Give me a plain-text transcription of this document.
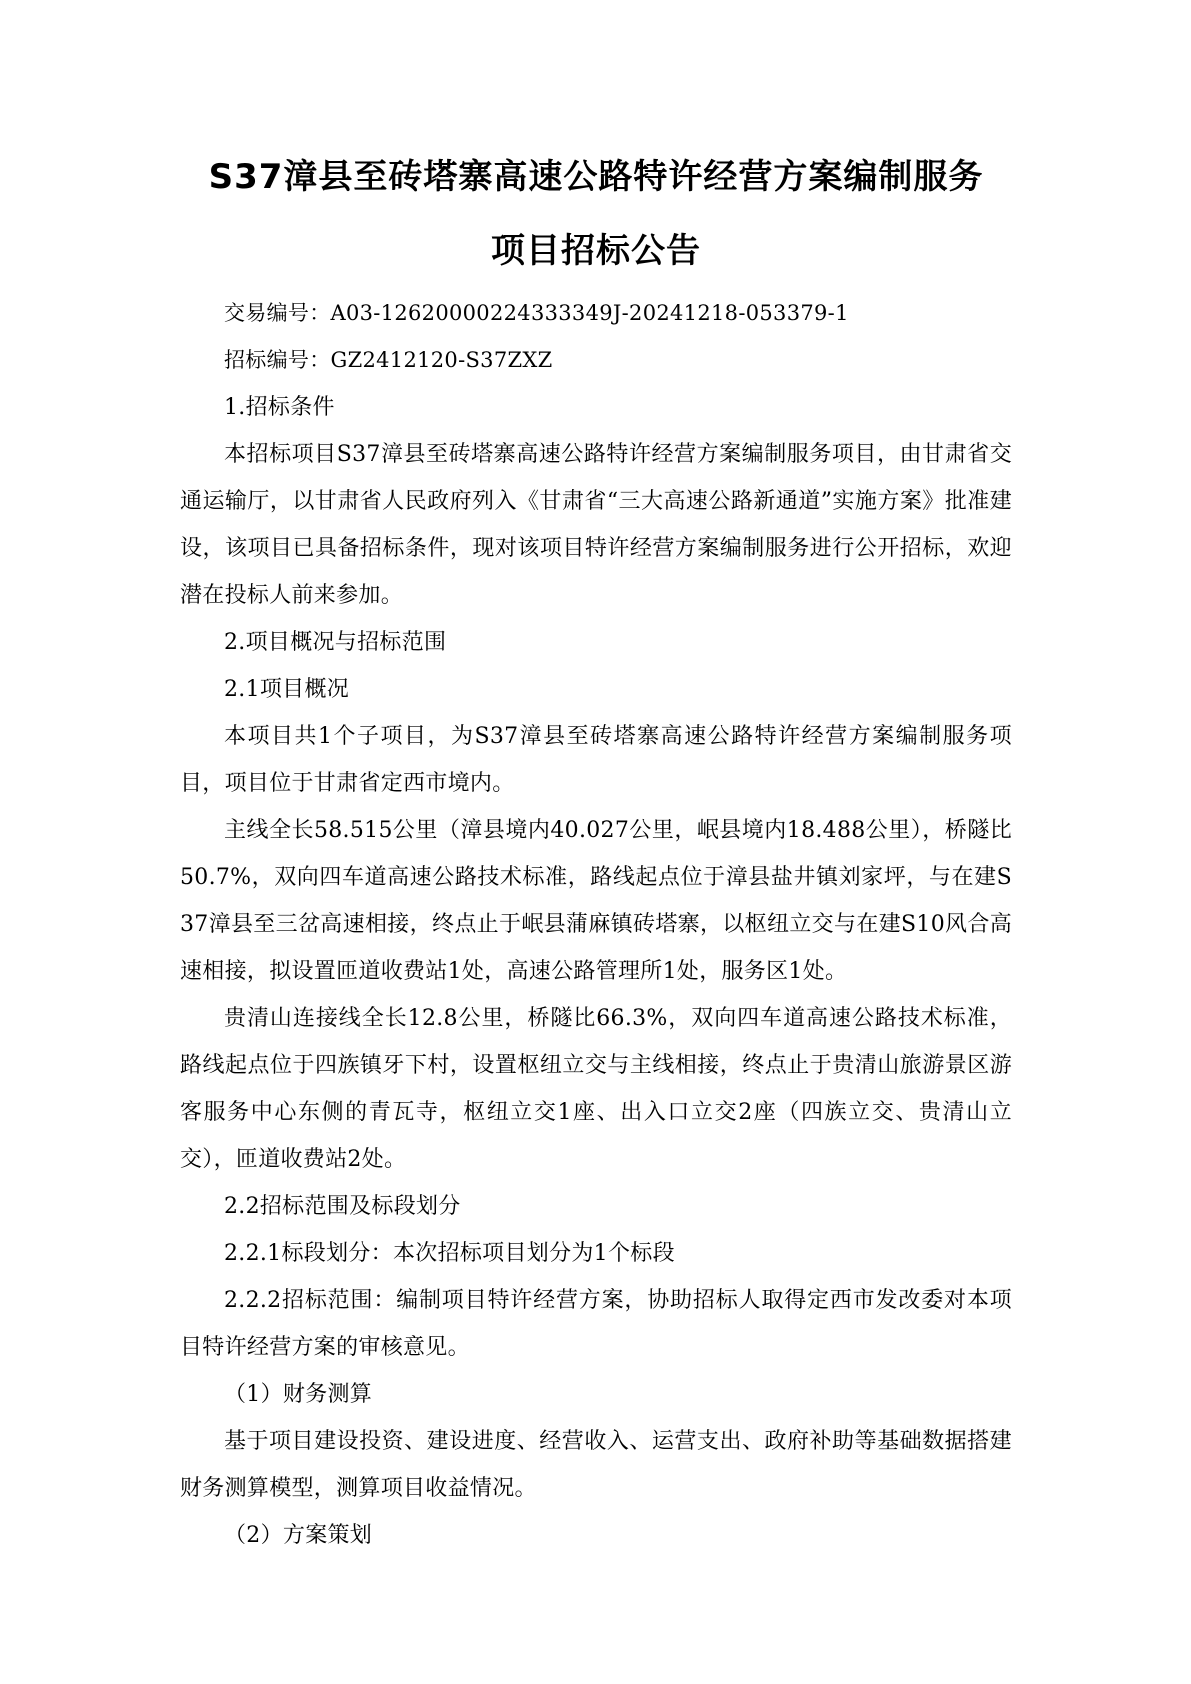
S37漳县至砖塔寨高速公路特许经营方案编制服务
项目招标公告

交易编号：A03-12620000224333349J-20241218-053379-1

招标编号：GZ2412120-S37ZXZ

1.招标条件

本招标项目S37漳县至砖塔寨高速公路特许经营方案编制服务项目，由甘肃省交通运输厅，以甘肃省人民政府列入《甘肃省“三大高速公路新通道”实施方案》批准建设，该项目已具备招标条件，现对该项目特许经营方案编制服务进行公开招标，欢迎潜在投标人前来参加。

2.项目概况与招标范围

2.1项目概况

本项目共1个子项目，为S37漳县至砖塔寨高速公路特许经营方案编制服务项目，项目位于甘肃省定西市境内。

主线全长58.515公里（漳县境内40.027公里，岷县境内18.488公里），桥隧比50.7%，双向四车道高速公路技术标准，路线起点位于漳县盐井镇刘家坪，与在建S37漳县至三岔高速相接，终点止于岷县蒲麻镇砖塔寨，以枢纽立交与在建S10风合高速相接，拟设置匝道收费站1处，高速公路管理所1处，服务区1处。

贵清山连接线全长12.8公里，桥隧比66.3%，双向四车道高速公路技术标准，路线起点位于四族镇牙下村，设置枢纽立交与主线相接，终点止于贵清山旅游景区游客服务中心东侧的青瓦寺，枢纽立交1座、出入口立交2座（四族立交、贵清山立交），匝道收费站2处。

2.2招标范围及标段划分

2.2.1标段划分：本次招标项目划分为1个标段

2.2.2招标范围：编制项目特许经营方案，协助招标人取得定西市发改委对本项目特许经营方案的审核意见。

（1）财务测算

基于项目建设投资、建设进度、经营收入、运营支出、政府补助等基础数据搭建财务测算模型，测算项目收益情况。

（2）方案策划
